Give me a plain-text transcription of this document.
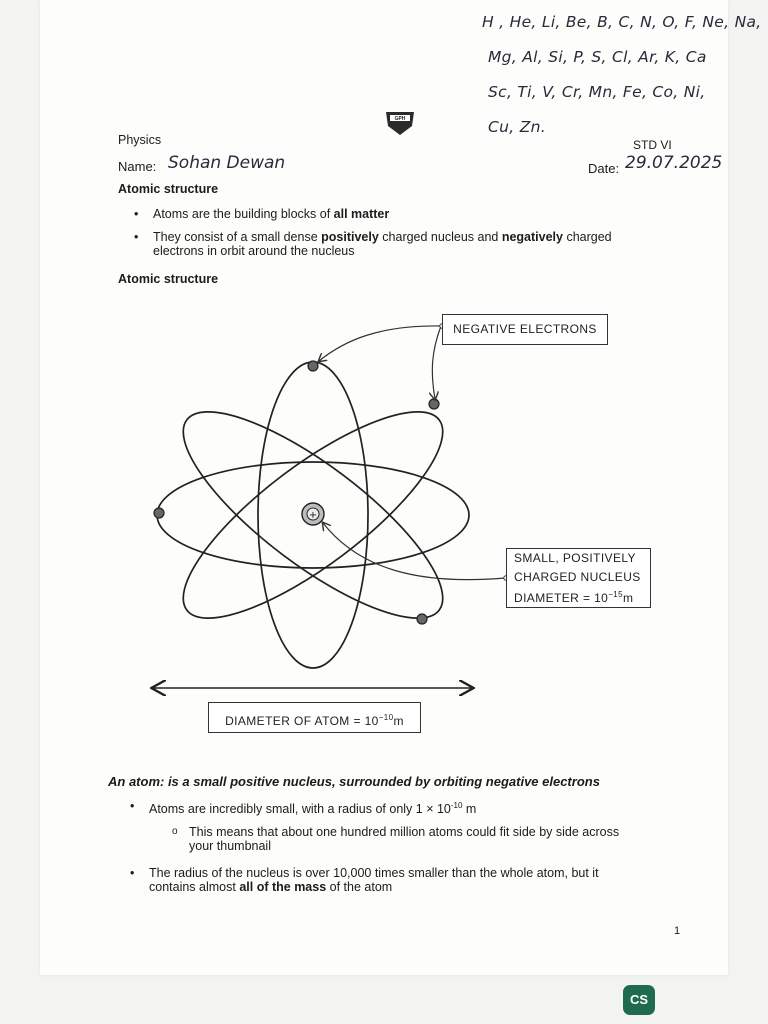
H , He, Li, Be, B, C, N, O, F, Ne, Na,
Mg, Al, Si, P, S, Cl, Ar, K, Ca
Sc, Ti, V, Cr, Mn, Fe, Co, Ni,
Cu, Zn.
GPH
Physics	STD VI
Name: Sohan Dewan	Date: 29.07.2025
Atomic structure
• Atoms are the building blocks of all matter
• They consist of a small dense positively charged nucleus and negatively charged
electrons in orbit around the nucleus
Atomic structure
+
NEGATIVE ELECTRONS
SMALL, POSITIVELY
CHARGED NUCLEUS
DIAMETER = $10^{-15}m$
DIAMETER OF ATOM = $10^{-10}m$
An atom: is a small positive nucleus, surrounded by orbiting negative electrons
• Atoms are incredibly small, with a radius of only $1 \times 10^{-10}$ m
o This means that about one hundred million atoms could fit side by side across
your thumbnail
• The radius of the nucleus is over 10,000 times smaller than the whole atom, but it
contains almost all of the mass of the atom
1
CS
